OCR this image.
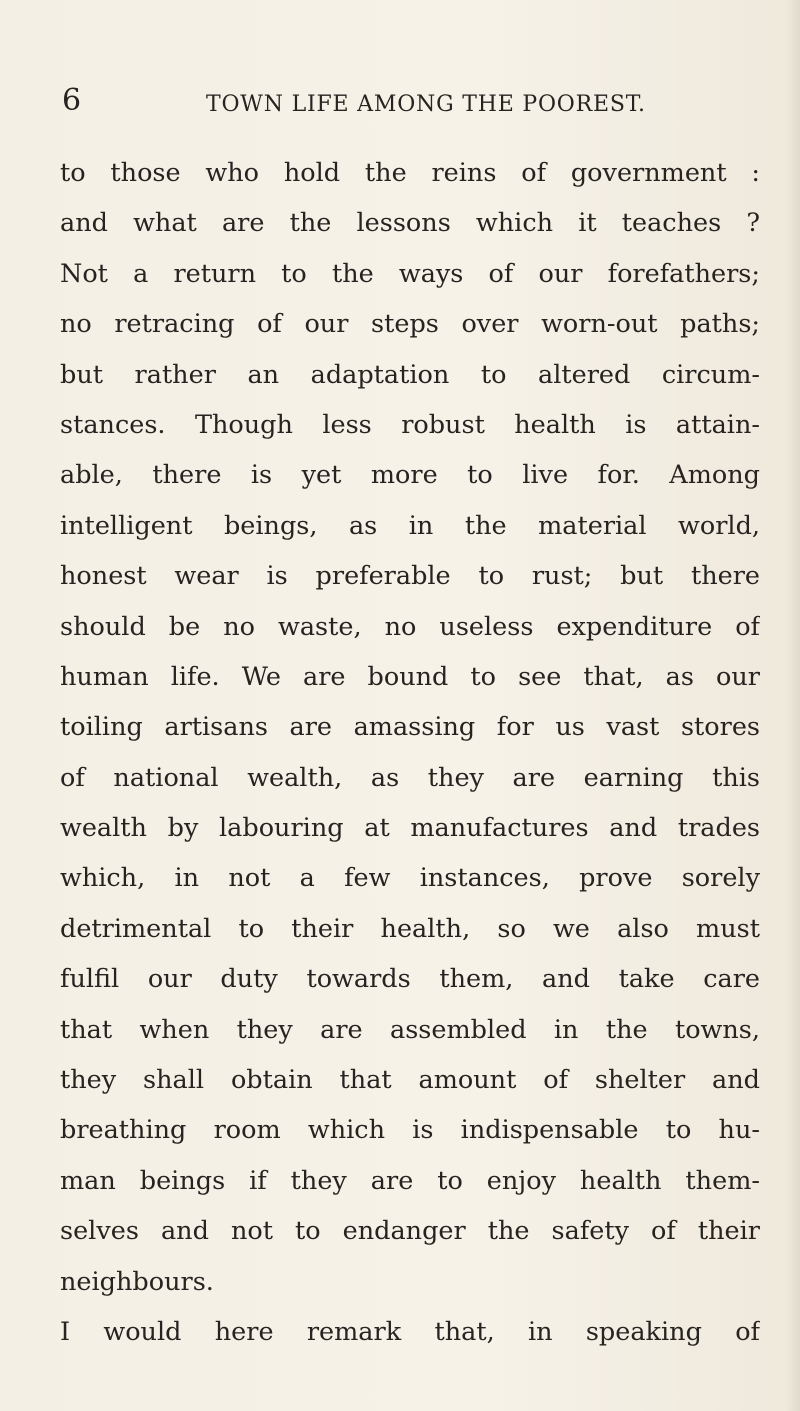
6	TOWN LIFE AMONG THE POOREST.
to those who hold the reins of government :
and what are the lessons which it teaches ?
Not a return to the ways of our forefathers;
no retracing of our steps over worn-out paths;
but rather an adaptation to altered circum-
stances. Though less robust health is attain-
able, there is yet more to live for. Among
intelligent beings, as in the material world,
honest wear is preferable to rust; but there
should be no waste, no useless expenditure of
human life. We are bound to see that, as our
toiling artisans are amassing for us vast stores
of national wealth, as they are earning this
wealth by labouring at manufactures and trades
which, in not a few instances, prove sorely
detrimental to their health, so we also must
fulfil our duty towards them, and take care
that when they are assembled in the towns,
they shall obtain that amount of shelter and
breathing room which is indispensable to hu-
man beings if they are to enjoy health them-
selves and not to endanger the safety of their
neighbours.
I would here remark that, in speaking of
